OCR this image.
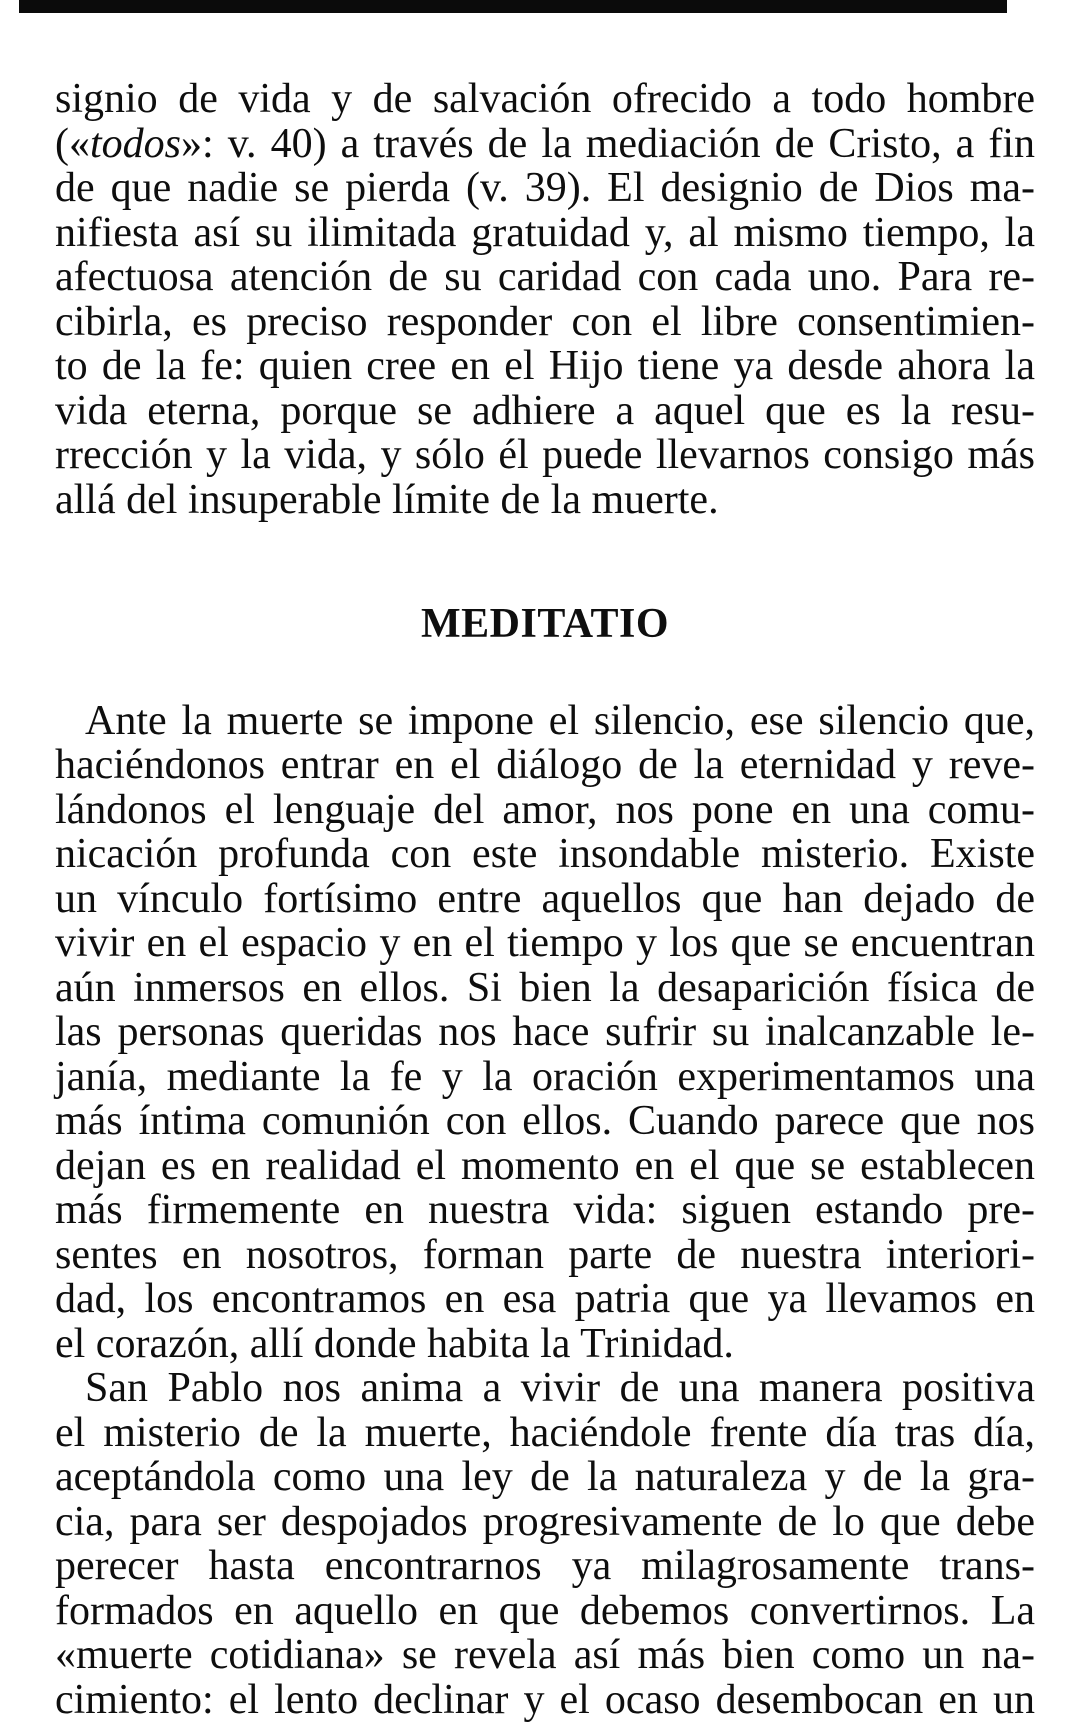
signio de vida y de salvación ofrecido a todo hombre
(«todos»: v. 40) a través de la mediación de Cristo, a fin
de que nadie se pierda (v. 39). El designio de Dios ma-
nifiesta así su ilimitada gratuidad y, al mismo tiempo, la
afectuosa atención de su caridad con cada uno. Para re-
cibirla, es preciso responder con el libre consentimien-
to de la fe: quien cree en el Hijo tiene ya desde ahora la
vida eterna, porque se adhiere a aquel que es la resu-
rrección y la vida, y sólo él puede llevarnos consigo más
allá del insuperable límite de la muerte.
MEDITATIO
Ante la muerte se impone el silencio, ese silencio que,
haciéndonos entrar en el diálogo de la eternidad y reve-
lándonos el lenguaje del amor, nos pone en una comu-
nicación profunda con este insondable misterio. Existe
un vínculo fortísimo entre aquellos que han dejado de
vivir en el espacio y en el tiempo y los que se encuentran
aún inmersos en ellos. Si bien la desaparición física de
las personas queridas nos hace sufrir su inalcanzable le-
janía, mediante la fe y la oración experimentamos una
más íntima comunión con ellos. Cuando parece que nos
dejan es en realidad el momento en el que se establecen
más firmemente en nuestra vida: siguen estando pre-
sentes en nosotros, forman parte de nuestra interiori-
dad, los encontramos en esa patria que ya llevamos en
el corazón, allí donde habita la Trinidad.
San Pablo nos anima a vivir de una manera positiva
el misterio de la muerte, haciéndole frente día tras día,
aceptándola como una ley de la naturaleza y de la gra-
cia, para ser despojados progresivamente de lo que debe
perecer hasta encontrarnos ya milagrosamente trans-
formados en aquello en que debemos convertirnos. La
«muerte cotidiana» se revela así más bien como un na-
cimiento: el lento declinar y el ocaso desembocan en un
